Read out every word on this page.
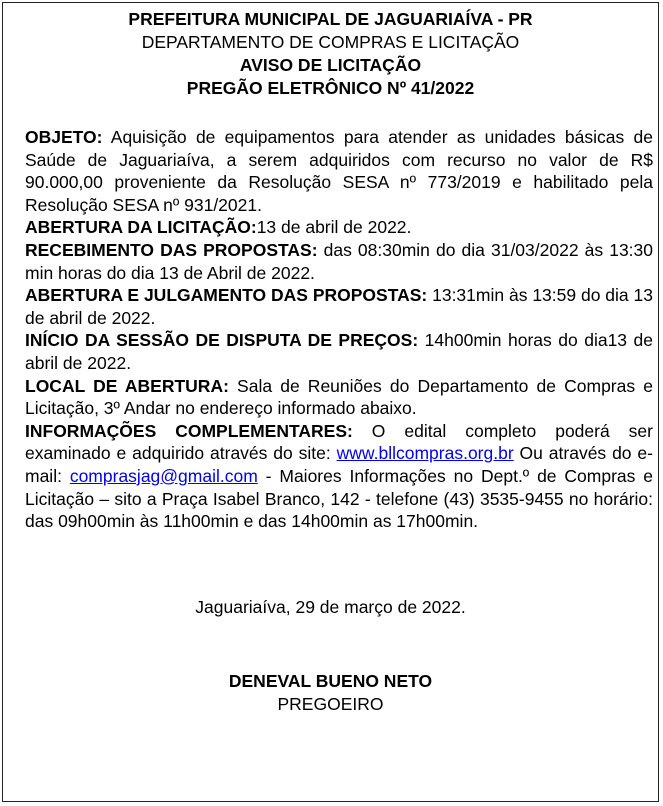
PREFEITURA MUNICIPAL DE JAGUARIAÍVA - PR
DEPARTAMENTO DE COMPRAS E LICITAÇÃO
AVISO DE LICITAÇÃO
PREGÃO ELETRÔNICO Nº 41/2022

OBJETO: Aquisição de equipamentos para atender as unidades básicas de Saúde de Jaguariaíva, a serem adquiridos com recurso no valor de R$ 90.000,00 proveniente da Resolução SESA nº 773/2019 e habilitado pela Resolução SESA nº 931/2021.

ABERTURA DA LICITAÇÃO:13 de abril de 2022.

RECEBIMENTO DAS PROPOSTAS: das 08:30min do dia 31/03/2022 às 13:30 min horas do dia 13 de Abril de 2022.

ABERTURA E JULGAMENTO DAS PROPOSTAS: 13:31min às 13:59 do dia 13 de abril de 2022.

INÍCIO DA SESSÃO DE DISPUTA DE PREÇOS: 14h00min horas do dia13 de abril de 2022.

LOCAL DE ABERTURA: Sala de Reuniões do Departamento de Compras e Licitação, 3º Andar no endereço informado abaixo.

INFORMAÇÕES COMPLEMENTARES: O edital completo poderá ser examinado e adquirido através do site: www.bllcompras.org.br Ou através do e-mail: comprasjag@gmail.com - Maiores Informações no Dept.º de Compras e Licitação – sito a Praça Isabel Branco, 142 - telefone (43) 3535-9455 no horário: das 09h00min às 11h00min e das 14h00min as 17h00min.

Jaguariaíva, 29 de março de 2022.
DENEVAL BUENO NETO
PREGOEIRO
